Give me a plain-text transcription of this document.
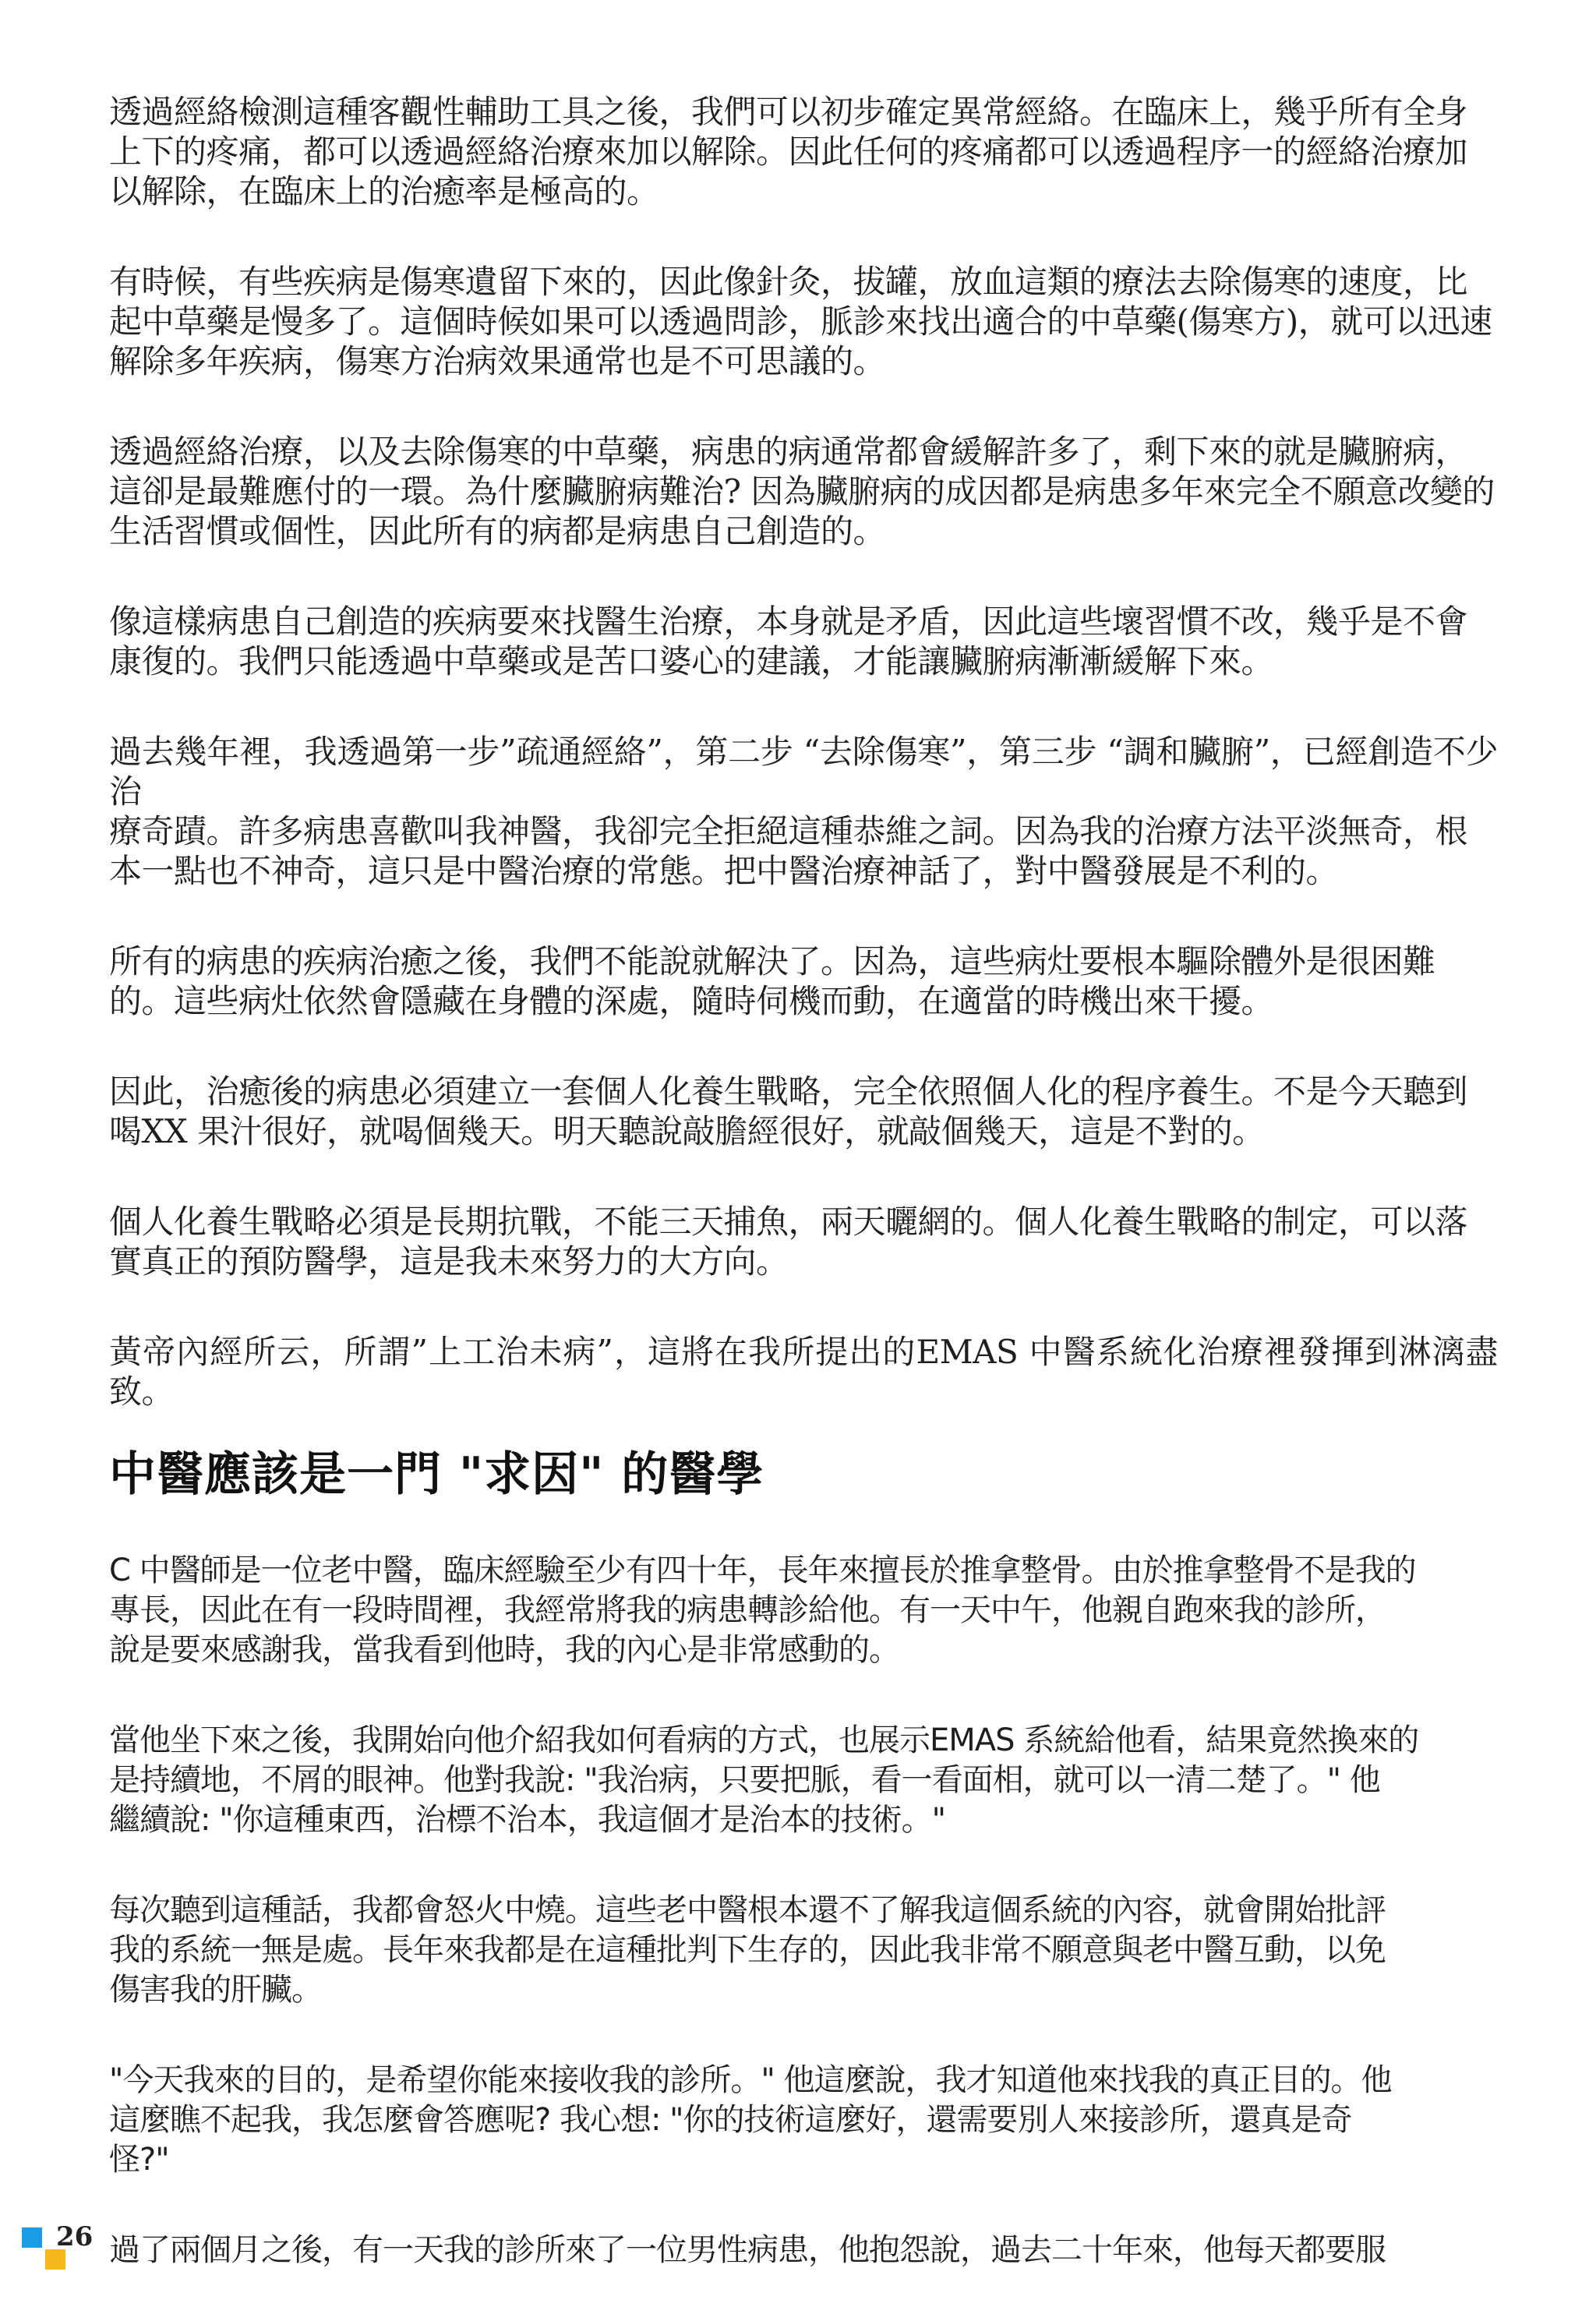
透過經絡檢測這種客觀性輔助工具之後，我們可以初步確定異常經絡。在臨床上，幾乎所有全身
上下的疼痛，都可以透過經絡治療來加以解除。因此任何的疼痛都可以透過程序一的經絡治療加
以解除，在臨床上的治癒率是極高的。

有時候，有些疾病是傷寒遺留下來的，因此像針灸，拔罐，放血這類的療法去除傷寒的速度，比
起中草藥是慢多了。這個時候如果可以透過問診，脈診來找出適合的中草藥(傷寒方)，就可以迅速
解除多年疾病，傷寒方治病效果通常也是不可思議的。

透過經絡治療，以及去除傷寒的中草藥，病患的病通常都會緩解許多了，剩下來的就是臟腑病，
這卻是最難應付的一環。為什麼臟腑病難治? 因為臟腑病的成因都是病患多年來完全不願意改變的
生活習慣或個性，因此所有的病都是病患自己創造的。

像這樣病患自己創造的疾病要來找醫生治療，本身就是矛盾，因此這些壞習慣不改，幾乎是不會
康復的。我們只能透過中草藥或是苦口婆心的建議，才能讓臟腑病漸漸緩解下來。

過去幾年裡，我透過第一步”疏通經絡”，第二步 “去除傷寒”，第三步 “調和臟腑”，已經創造不少治
療奇蹟。許多病患喜歡叫我神醫，我卻完全拒絕這種恭維之詞。因為我的治療方法平淡無奇，根
本一點也不神奇，這只是中醫治療的常態。把中醫治療神話了，對中醫發展是不利的。

所有的病患的疾病治癒之後，我們不能說就解決了。因為，這些病灶要根本驅除體外是很困難
的。這些病灶依然會隱藏在身體的深處，隨時伺機而動，在適當的時機出來干擾。

因此，治癒後的病患必須建立一套個人化養生戰略，完全依照個人化的程序養生。不是今天聽到
喝XX 果汁很好，就喝個幾天。明天聽說敲膽經很好，就敲個幾天，這是不對的。

個人化養生戰略必須是長期抗戰，不能三天捕魚，兩天曬網的。個人化養生戰略的制定，可以落
實真正的預防醫學，這是我未來努力的大方向。

黃帝內經所云，所謂”上工治未病”，這將在我所提出的EMAS 中醫系統化治療裡發揮到淋漓盡致。

中醫應該是一門 "求因" 的醫學

C 中醫師是一位老中醫，臨床經驗至少有四十年，長年來擅長於推拿整骨。由於推拿整骨不是我的
專長，因此在有一段時間裡，我經常將我的病患轉診給他。有一天中午，他親自跑來我的診所，
說是要來感謝我，當我看到他時，我的內心是非常感動的。

當他坐下來之後，我開始向他介紹我如何看病的方式，也展示EMAS 系統給他看，結果竟然換來的
是持續地，不屑的眼神。他對我說: "我治病，只要把脈，看一看面相，就可以一清二楚了。" 他
繼續說: "你這種東西，治標不治本，我這個才是治本的技術。"

每次聽到這種話，我都會怒火中燒。這些老中醫根本還不了解我這個系統的內容，就會開始批評
我的系統一無是處。長年來我都是在這種批判下生存的，因此我非常不願意與老中醫互動，以免
傷害我的肝臟。

"今天我來的目的，是希望你能來接收我的診所。" 他這麼說，我才知道他來找我的真正目的。他
這麼瞧不起我，我怎麼會答應呢? 我心想: "你的技術這麼好，還需要別人來接診所，還真是奇
怪?"

過了兩個月之後，有一天我的診所來了一位男性病患，他抱怨說，過去二十年來，他每天都要服

26
